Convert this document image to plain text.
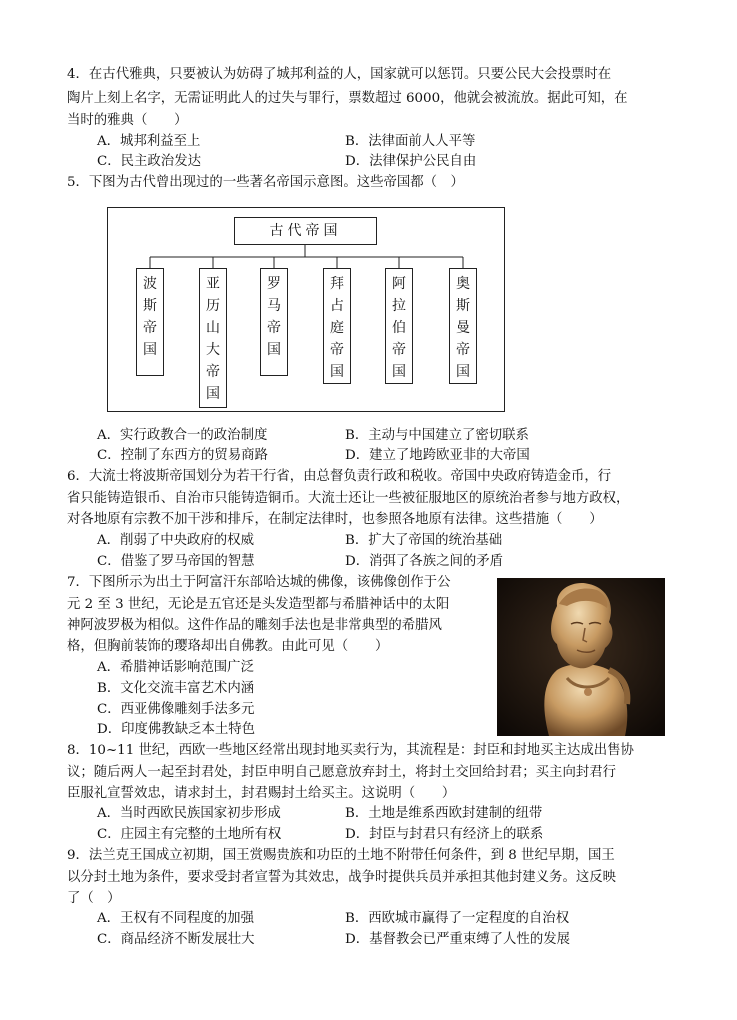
4．在古代雅典，只要被认为妨碍了城邦利益的人，国家就可以惩罚。只要公民大会投票时在
陶片上刻上名字，无需证明此人的过失与罪行，票数超过 6000，他就会被流放。据此可知，在
当时的雅典（　　）
A．城邦利益至上	B．法律面前人人平等
C．民主政治发达	D．法律保护公民自由
5．下图为古代曾出现过的一些著名帝国示意图。这些帝国都（　）
古代帝国
波斯帝国
亚历山大帝国
罗马帝国
拜占庭帝国
阿拉伯帝国
奥斯曼帝国
A．实行政教合一的政治制度	B．主动与中国建立了密切联系
C．控制了东西方的贸易商路	D．建立了地跨欧亚非的大帝国
6．大流士将波斯帝国划分为若干行省，由总督负责行政和税收。帝国中央政府铸造金币，行
省只能铸造银币、自治市只能铸造铜币。大流士还让一些被征服地区的原统治者参与地方政权，
对各地原有宗教不加干涉和排斥，在制定法律时，也参照各地原有法律。这些措施（　　）
A．削弱了中央政府的权威	B．扩大了帝国的统治基础
C．借鉴了罗马帝国的智慧	D．消弭了各族之间的矛盾
7．下图所示为出土于阿富汗东部哈达城的佛像，该佛像创作于公
元 2 至 3 世纪，无论是五官还是头发造型都与希腊神话中的太阳
神阿波罗极为相似。这件作品的雕刻手法也是非常典型的希腊风
格，但胸前装饰的璎珞却出自佛教。由此可见（　　）
A．希腊神话影响范围广泛
B．文化交流丰富艺术内涵
C．西亚佛像雕刻手法多元
D．印度佛教缺乏本土特色
8．10~11 世纪，西欧一些地区经常出现封地买卖行为，其流程是：封臣和封地买主达成出售协
议；随后两人一起至封君处，封臣申明自己愿意放弃封土，将封土交回给封君；买主向封君行
臣服礼宣誓效忠，请求封土，封君赐封土给买主。这说明（　　）
A．当时西欧民族国家初步形成	B．土地是维系西欧封建制的纽带
C．庄园主有完整的土地所有权	D．封臣与封君只有经济上的联系
9．法兰克王国成立初期，国王赏赐贵族和功臣的土地不附带任何条件，到 8 世纪早期，国王
以分封土地为条件，要求受封者宣誓为其效忠，战争时提供兵员并承担其他封建义务。这反映
了（　）
A．王权有不同程度的加强	B．西欧城市赢得了一定程度的自治权
C．商品经济不断发展壮大	D．基督教会已严重束缚了人性的发展
